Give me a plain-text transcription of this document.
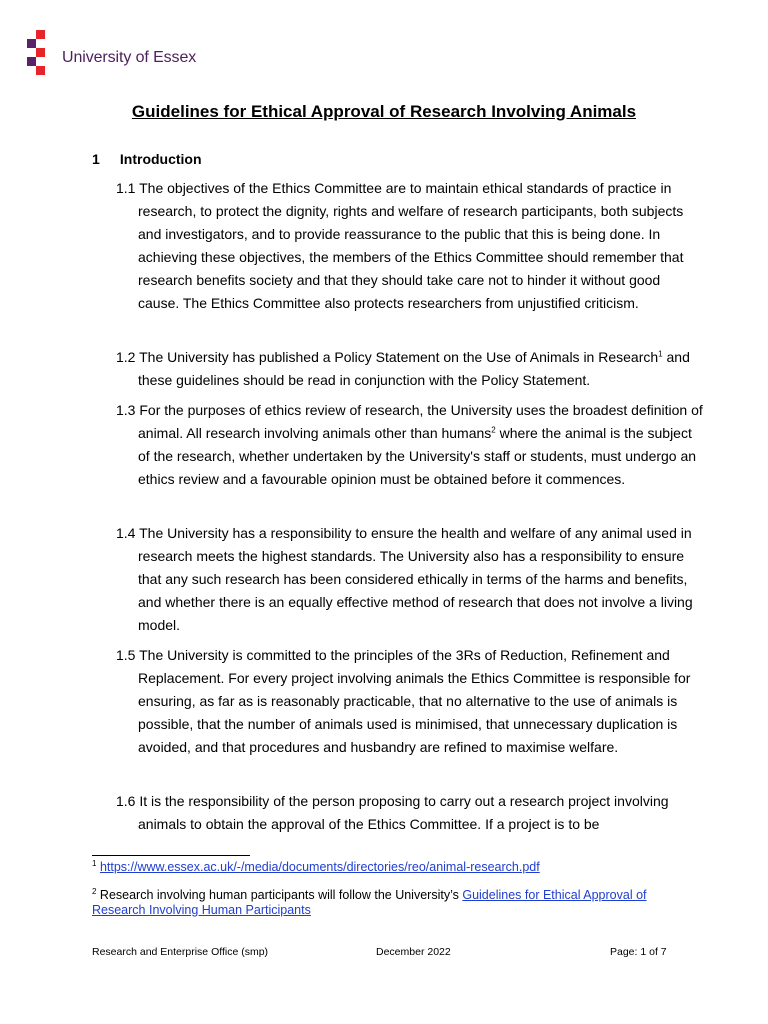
University of Essex
Guidelines for Ethical Approval of Research Involving Animals
1 Introduction
1.1 The objectives of the Ethics Committee are to maintain ethical standards of practice in research, to protect the dignity, rights and welfare of research participants, both subjects and investigators, and to provide reassurance to the public that this is being done. In achieving these objectives, the members of the Ethics Committee should remember that research benefits society and that they should take care not to hinder it without good cause. The Ethics Committee also protects researchers from unjustified criticism.
1.2 The University has published a Policy Statement on the Use of Animals in Research$^1$ and these guidelines should be read in conjunction with the Policy Statement.
1.3 For the purposes of ethics review of research, the University uses the broadest definition of animal. All research involving animals other than humans$^2$ where the animal is the subject of the research, whether undertaken by the University's staff or students, must undergo an ethics review and a favourable opinion must be obtained before it commences.
1.4 The University has a responsibility to ensure the health and welfare of any animal used in research meets the highest standards. The University also has a responsibility to ensure that any such research has been considered ethically in terms of the harms and benefits, and whether there is an equally effective method of research that does not involve a living model.
1.5 The University is committed to the principles of the 3Rs of Reduction, Refinement and Replacement. For every project involving animals the Ethics Committee is responsible for ensuring, as far as is reasonably practicable, that no alternative to the use of animals is possible, that the number of animals used is minimised, that unnecessary duplication is avoided, and that procedures and husbandry are refined to maximise welfare.
1.6 It is the responsibility of the person proposing to carry out a research project involving animals to obtain the approval of the Ethics Committee. If a project is to be
$^1$ https://www.essex.ac.uk/-/media/documents/directories/reo/animal-research.pdf
$^2$ Research involving human participants will follow the University’s Guidelines for Ethical Approval of Research Involving Human Participants
Research and Enterprise Office (smp)	December 2022	Page: 1 of 7
